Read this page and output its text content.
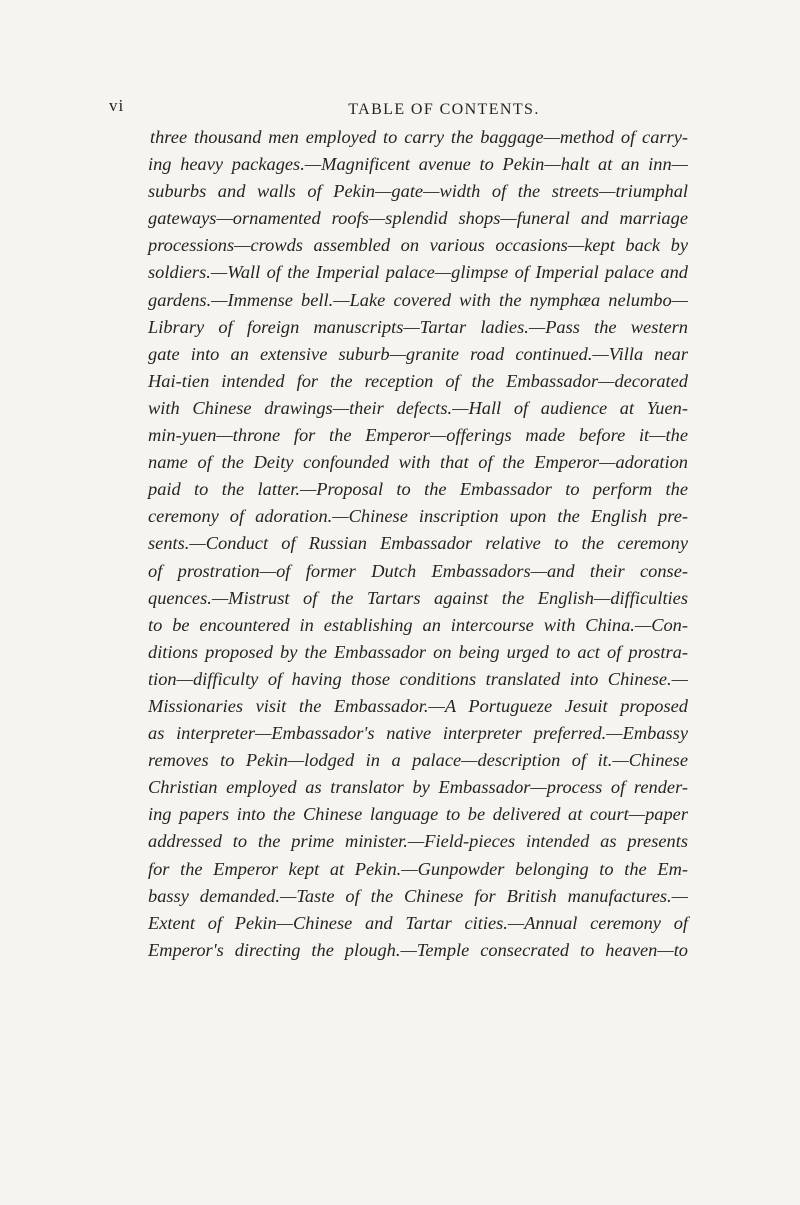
vi	TABLE OF CONTENTS.
three thousand men employed to carry the baggage—method of carry-
ing heavy packages.—Magnificent avenue to Pekin—halt at an inn—
suburbs and walls of Pekin—gate—width of the streets—triumphal
gateways—ornamented roofs—splendid shops—funeral and marriage
processions—crowds assembled on various occasions—kept back by
soldiers.—Wall of the Imperial palace—glimpse of Imperial palace and
gardens.—Immense bell.—Lake covered with the nymphæa nelumbo—
Library of foreign manuscripts—Tartar ladies.—Pass the western
gate into an extensive suburb—granite road continued.—Villa near
Hai-tien intended for the reception of the Embassador—decorated
with Chinese drawings—their defects.—Hall of audience at Yuen-
min-yuen—throne for the Emperor—offerings made before it—the
name of the Deity confounded with that of the Emperor—adoration
paid to the latter.—Proposal to the Embassador to perform the
ceremony of adoration.—Chinese inscription upon the English pre-
sents.—Conduct of Russian Embassador relative to the ceremony
of prostration—of former Dutch Embassadors—and their conse-
quences.—Mistrust of the Tartars against the English—difficulties
to be encountered in establishing an intercourse with China.—Con-
ditions proposed by the Embassador on being urged to act of prostra-
tion—difficulty of having those conditions translated into Chinese.—
Missionaries visit the Embassador.—A Portugueze Jesuit proposed
as interpreter—Embassador's native interpreter preferred.—Embassy
removes to Pekin—lodged in a palace—description of it.—Chinese
Christian employed as translator by Embassador—process of render-
ing papers into the Chinese language to be delivered at court—paper
addressed to the prime minister.—Field-pieces intended as presents
for the Emperor kept at Pekin.—Gunpowder belonging to the Em-
bassy demanded.—Taste of the Chinese for British manufactures.—
Extent of Pekin—Chinese and Tartar cities.—Annual ceremony of
Emperor's directing the plough.—Temple consecrated to heaven—to
